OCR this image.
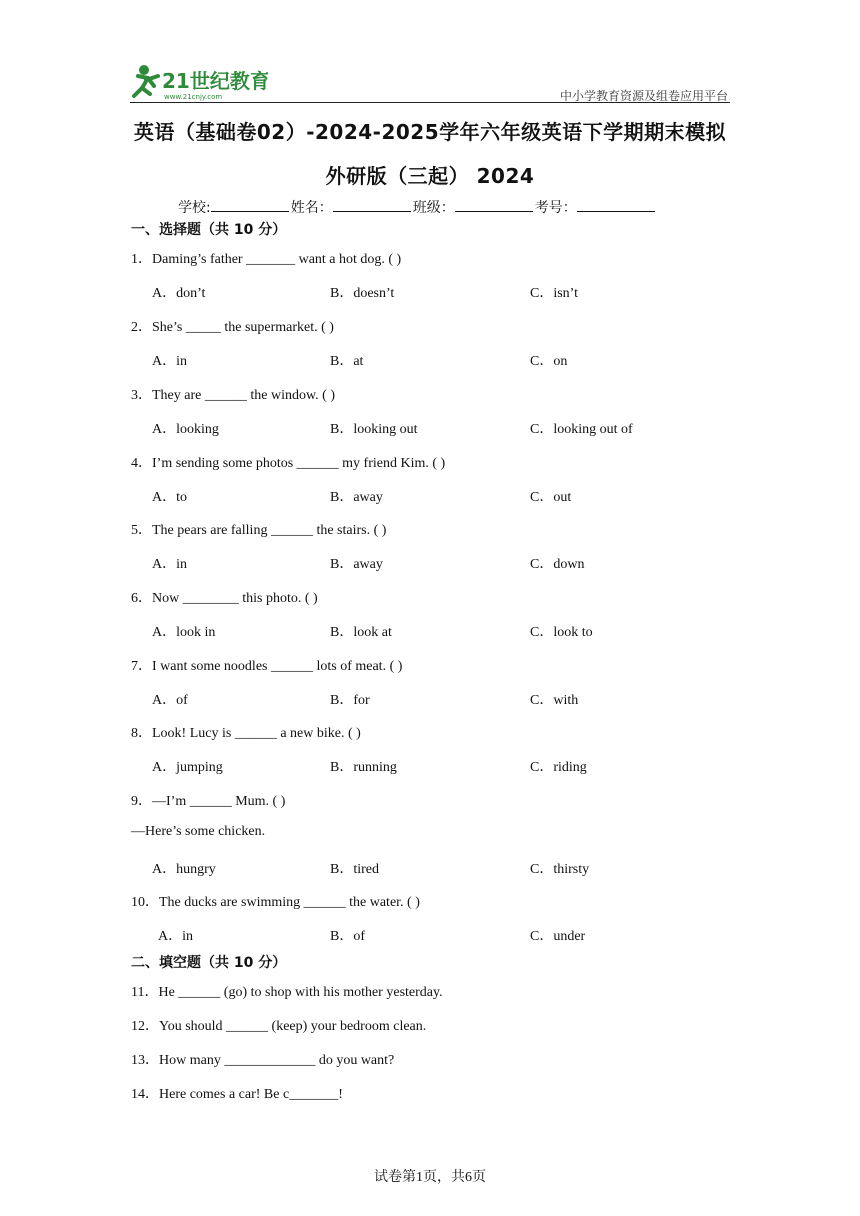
21世纪教育
www.21cnjy.com	中小学教育资源及组卷应用平台
英语（基础卷02）-2024-2025学年六年级英语下学期期末模拟
外研版（三起） 2024
学校:	姓名：	班级：	考号：
一、选择题（共 10 分）
1．Daming’s father _______ want a hot dog. ( )
A．don’t	B．doesn’t	C．isn’t
2．She’s _____ the supermarket. ( )
A．in	B．at	C．on
3．They are ______ the window. ( )
A．looking	B．looking out	C．looking out of
4．I’m sending some photos ______ my friend Kim. ( )
A．to	B．away	C．out
5．The pears are falling ______ the stairs. ( )
A．in	B．away	C．down
6．Now ________ this photo. ( )
A．look in	B．look at	C．look to
7．I want some noodles ______ lots of meat. ( )
A．of	B．for	C．with
8．Look! Lucy is ______ a new bike. ( )
A．jumping	B．running	C．riding
9．—I’m ______ Mum. ( )
—Here’s some chicken.
A．hungry	B．tired	C．thirsty
10．The ducks are swimming ______ the water. ( )
A．in	B．of	C．under
二、填空题（共 10 分）
11．He ______ (go) to shop with his mother yesterday.
12．You should ______ (keep) your bedroom clean.
13．How many _____________ do you want?
14．Here comes a car! Be c_______!
试卷第1页，共6页
